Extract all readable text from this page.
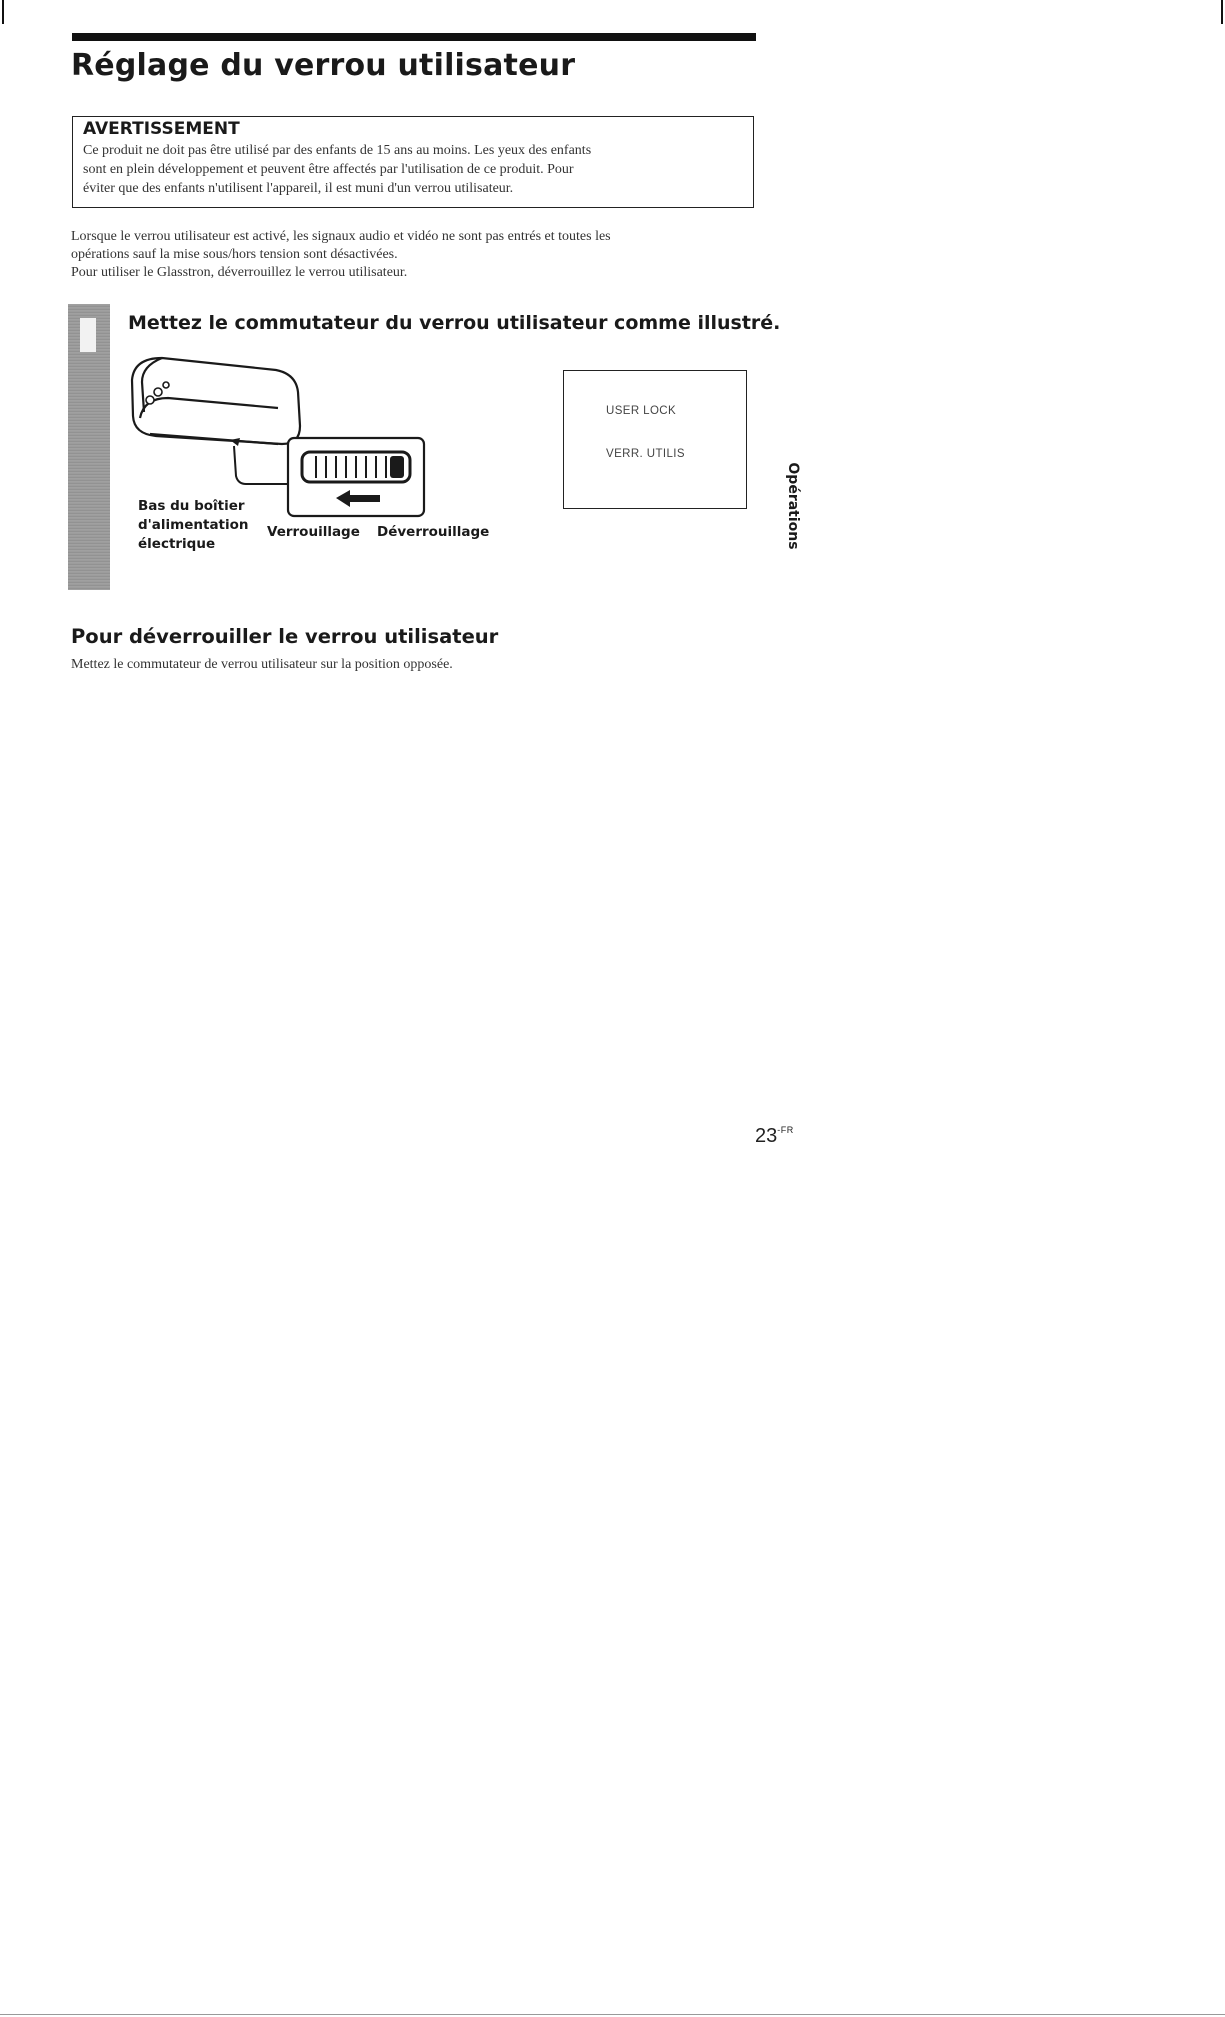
Réglage du verrou utilisateur

AVERTISSEMENT

Ce produit ne doit pas être utilisé par des enfants de 15 ans au moins. Les yeux des enfants
sont en plein développement et peuvent être affectés par l'utilisation de ce produit. Pour
éviter que des enfants n'utilisent l'appareil, il est muni d'un verrou utilisateur.

Lorsque le verrou utilisateur est activé, les signaux audio et vidéo ne sont pas entrés et toutes les
opérations sauf la mise sous/hors tension sont désactivées.
Pour utiliser le Glasstron, déverrouillez le verrou utilisateur.

Mettez le commutateur du verrou utilisateur comme illustré.
Bas du boîtier
d'alimentation
électrique
Verrouillage Déverrouillage
USER LOCK
VERR. UTILIS
Opérations
Pour déverrouiller le verrou utilisateur

Mettez le commutateur de verrou utilisateur sur la position opposée.

$23^{-FR}$
